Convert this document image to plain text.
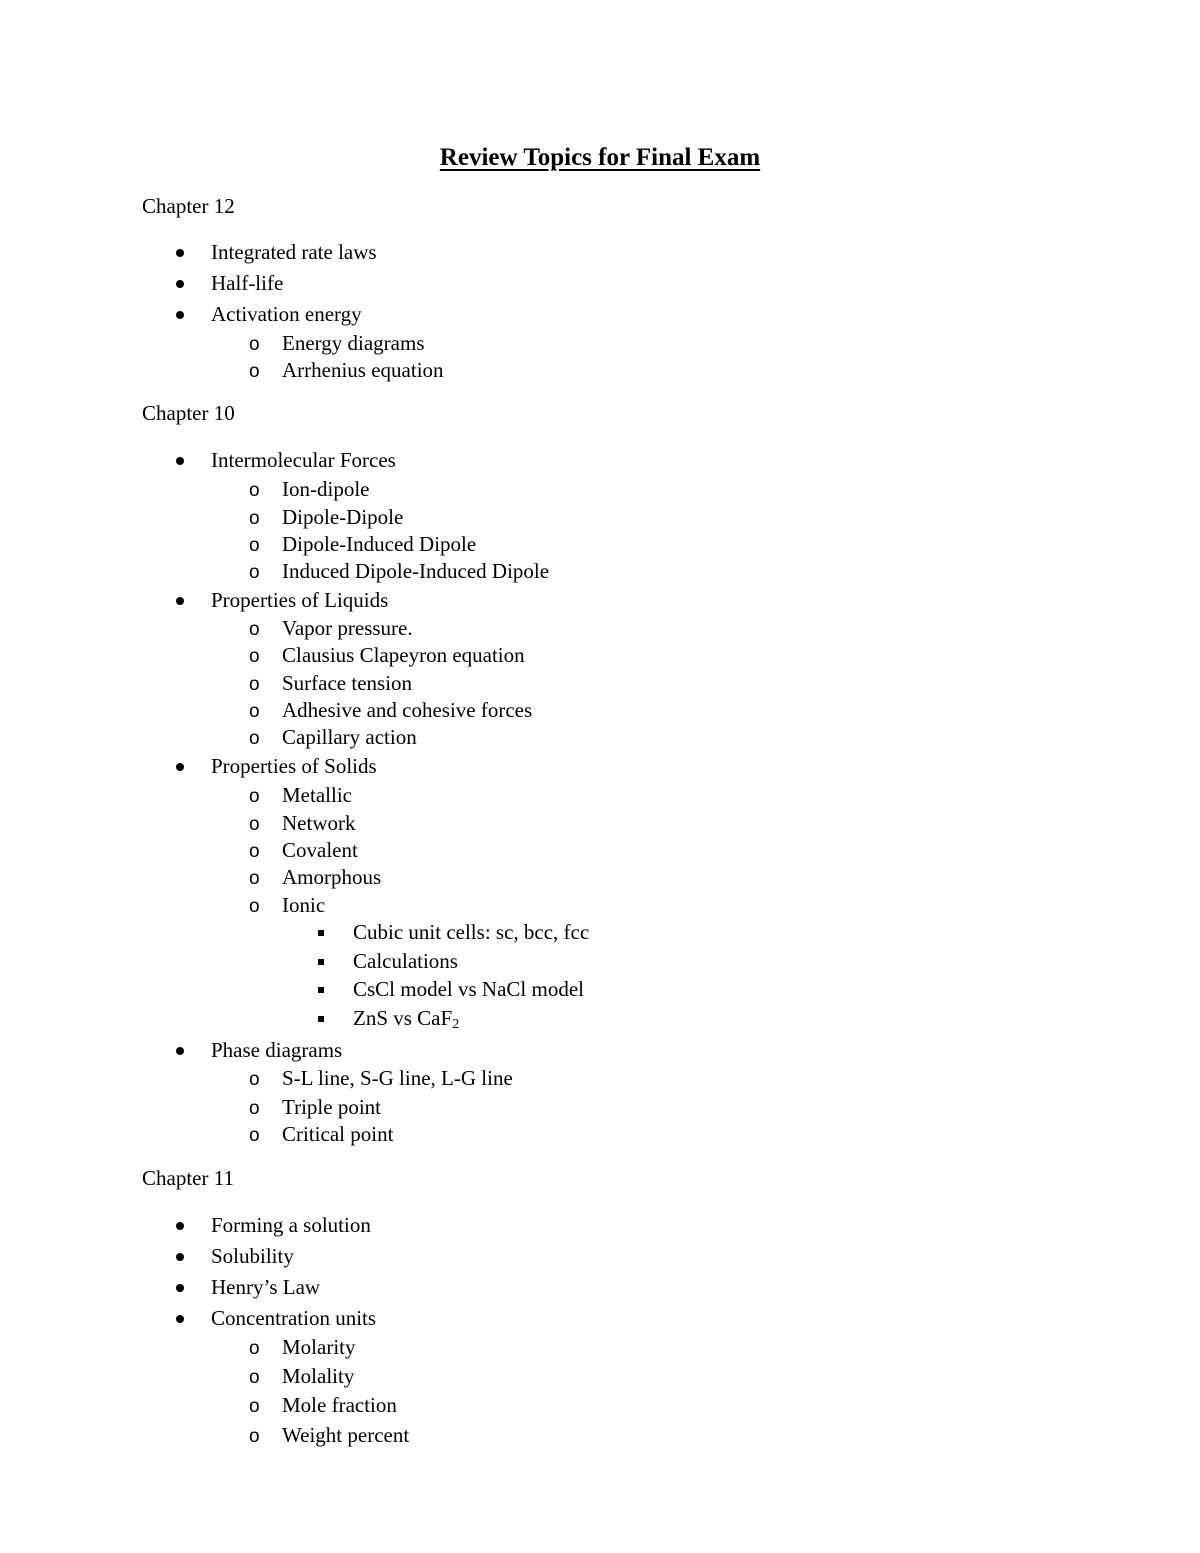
Review Topics for Final Exam
Chapter 12
Integrated rate laws
Half-life
Activation energy
o Energy diagrams
o Arrhenius equation
Chapter 10
Intermolecular Forces
o Ion-dipole
o Dipole-Dipole
o Dipole-Induced Dipole
o Induced Dipole-Induced Dipole
Properties of Liquids
o Vapor pressure.
o Clausius Clapeyron equation
o Surface tension
o Adhesive and cohesive forces
o Capillary action
Properties of Solids
o Metallic
o Network
o Covalent
o Amorphous
o Ionic
Cubic unit cells: sc, bcc, fcc
Calculations
CsCl model vs NaCl model
ZnS vs CaF$_2$
Phase diagrams
o S-L line, S-G line, L-G line
o Triple point
o Critical point
Chapter 11
Forming a solution
Solubility
Henry’s Law
Concentration units
o Molarity
o Molality
o Mole fraction
o Weight percent
